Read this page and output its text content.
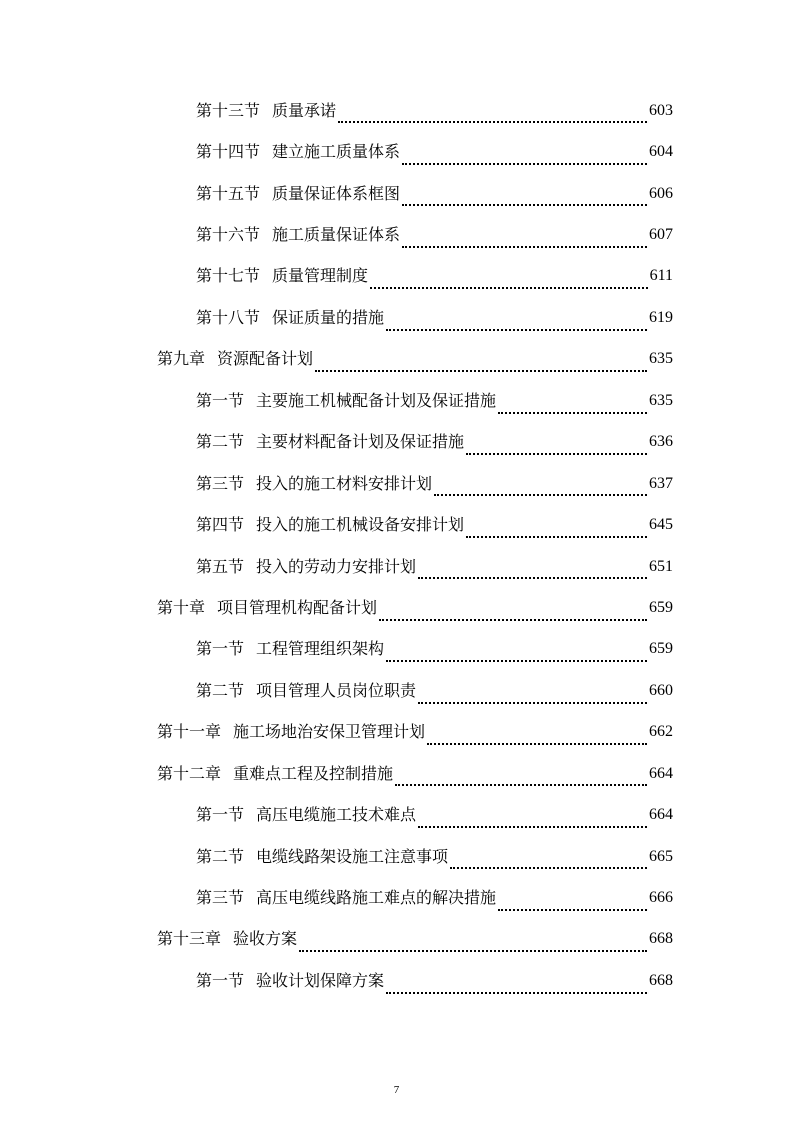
第十三节 质量承诺	603
第十四节 建立施工质量体系	604
第十五节 质量保证体系框图	606
第十六节 施工质量保证体系	607
第十七节 质量管理制度	611
第十八节 保证质量的措施	619
第九章 资源配备计划	635
第一节 主要施工机械配备计划及保证措施	635
第二节 主要材料配备计划及保证措施	636
第三节 投入的施工材料安排计划	637
第四节 投入的施工机械设备安排计划	645
第五节 投入的劳动力安排计划	651
第十章 项目管理机构配备计划	659
第一节 工程管理组织架构	659
第二节 项目管理人员岗位职责	660
第十一章 施工场地治安保卫管理计划	662
第十二章 重难点工程及控制措施	664
第一节 高压电缆施工技术难点	664
第二节 电缆线路架设施工注意事项	665
第三节 高压电缆线路施工难点的解决措施	666
第十三章 验收方案	668
第一节 验收计划保障方案	668
7
